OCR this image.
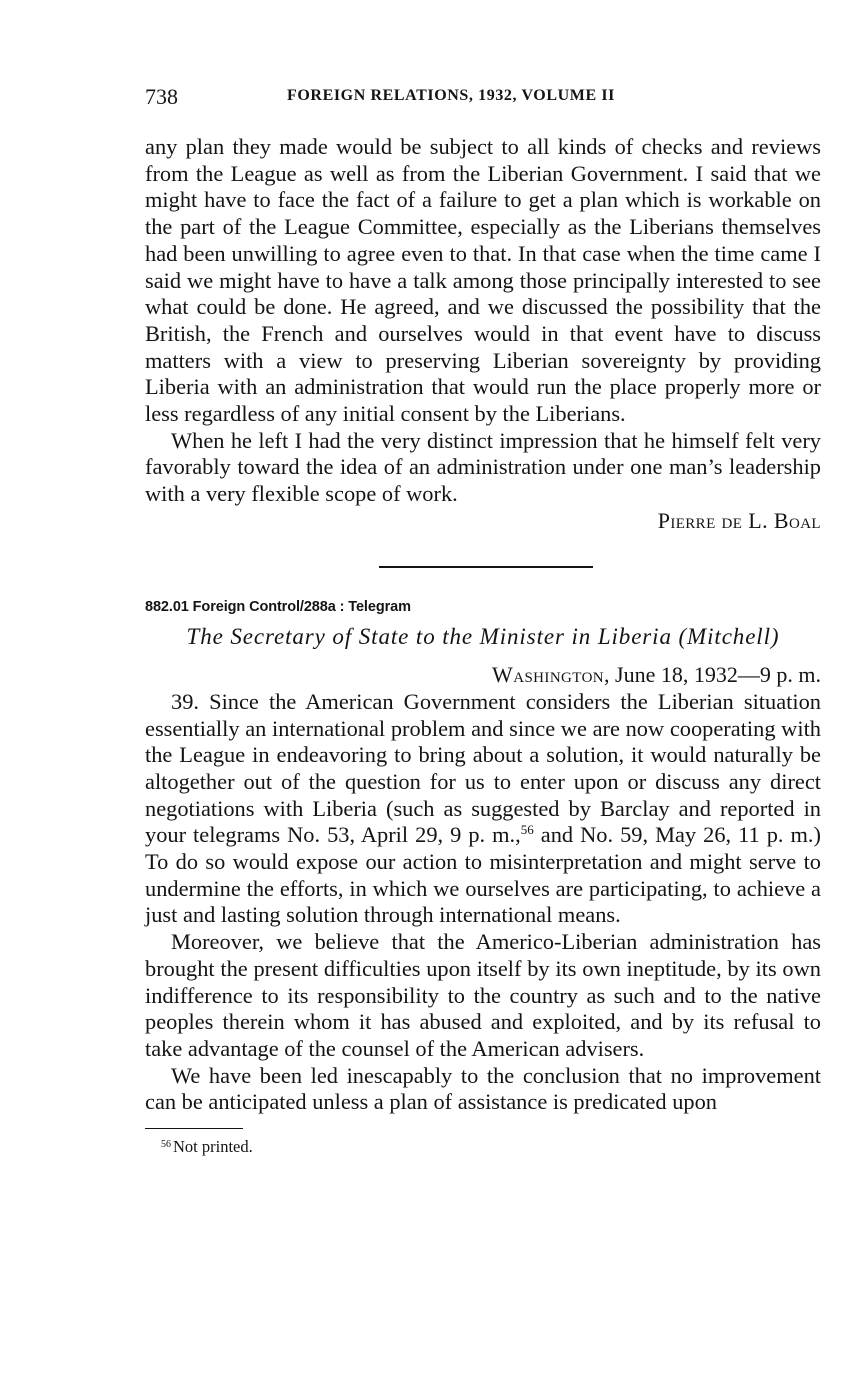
738	FOREIGN RELATIONS, 1932, VOLUME II

any plan they made would be subject to all kinds of checks and reviews from the League as well as from the Liberian Government. I said that we might have to face the fact of a failure to get a plan which is workable on the part of the League Committee, especially as the Liberians themselves had been unwilling to agree even to that. In that case when the time came I said we might have to have a talk among those principally interested to see what could be done. He agreed, and we discussed the possibility that the British, the French and ourselves would in that event have to discuss matters with a view to preserving Liberian sovereignty by providing Liberia with an administration that would run the place properly more or less regardless of any initial consent by the Liberians.

When he left I had the very distinct impression that he himself felt very favorably toward the idea of an administration under one man’s leadership with a very flexible scope of work.

Pierre de L. Boal
882.01 Foreign Control/288a : Telegram
The Secretary of State to the Minister in Liberia (Mitchell)
Washington, June 18, 1932—9 p. m.

39. Since the American Government considers the Liberian situation essentially an international problem and since we are now cooperating with the League in endeavoring to bring about a solution, it would naturally be altogether out of the question for us to enter upon or discuss any direct negotiations with Liberia (such as suggested by Barclay and reported in your telegrams No. 53, April 29, 9 p. m.,$^{56}$ and No. 59, May 26, 11 p. m.) To do so would expose our action to misinterpretation and might serve to undermine the efforts, in which we ourselves are participating, to achieve a just and lasting solution through international means.

Moreover, we believe that the Americo-Liberian administration has brought the present difficulties upon itself by its own ineptitude, by its own indifference to its responsibility to the country as such and to the native peoples therein whom it has abused and exploited, and by its refusal to take advantage of the counsel of the American advisers.

We have been led inescapably to the conclusion that no improvement can be anticipated unless a plan of assistance is predicated upon

$^{56}$ Not printed.
